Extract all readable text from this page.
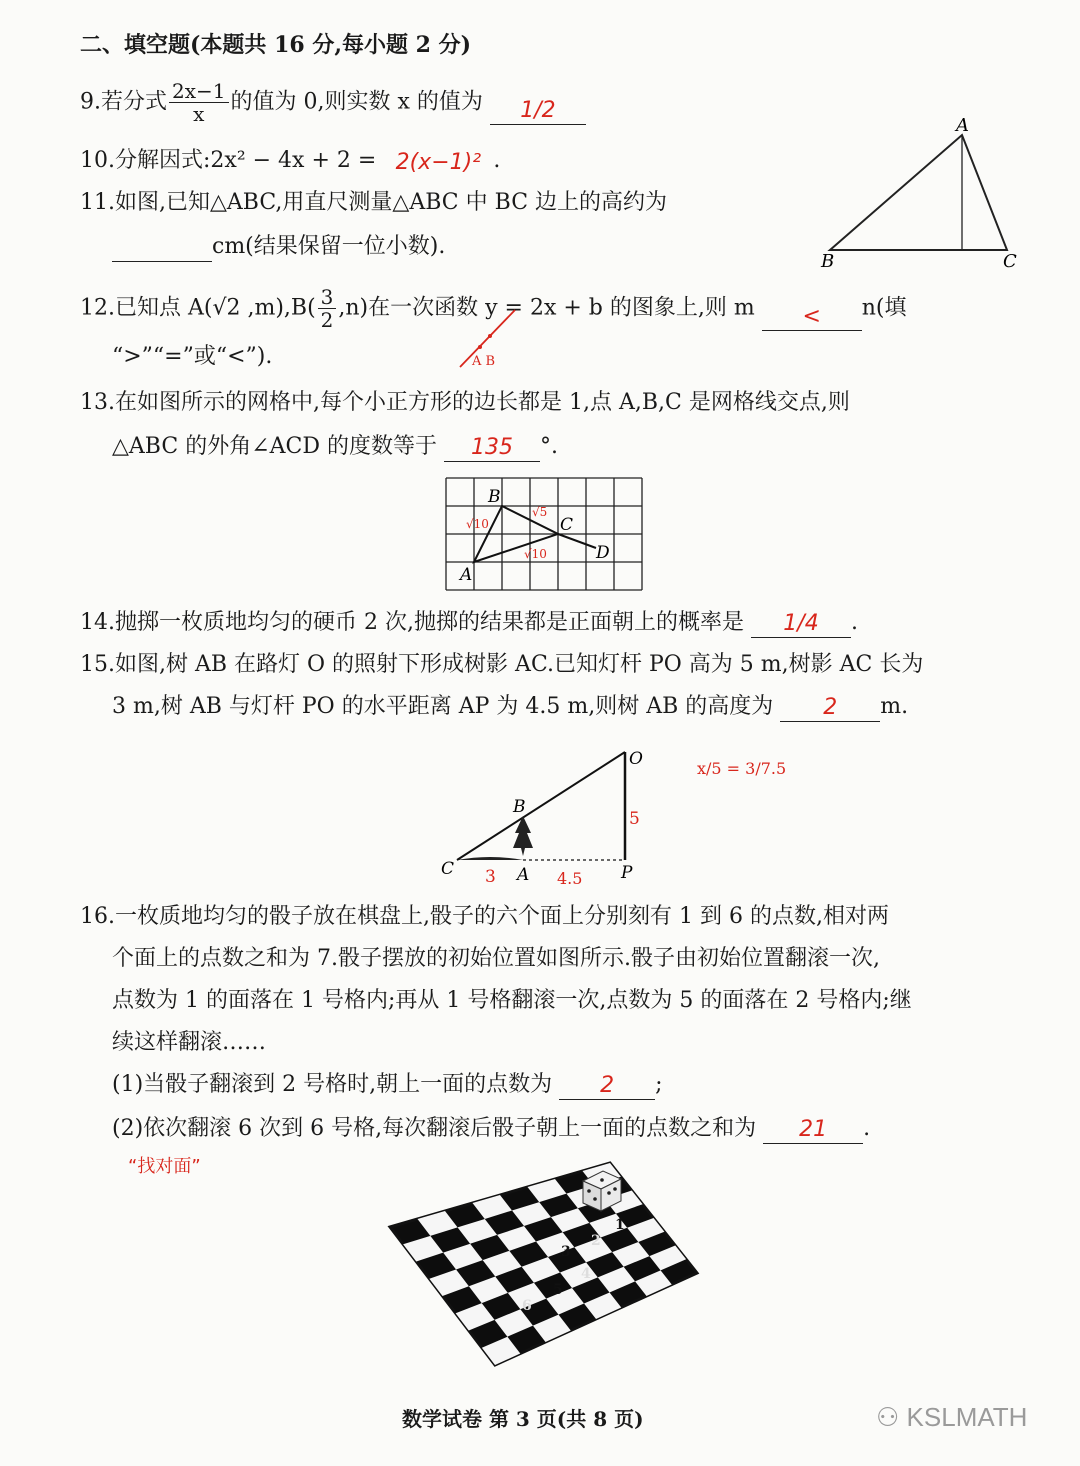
二、填空题(本题共 16 分,每小题 2 分)
9.若分式 $\frac{2x-1}{x}$ 的值为 0,则实数 x 的值为	1/2
10.分解因式:2x² − 4x + 2 = 2(x−1)² .
11.如图,已知△ABC,用直尺测量△ABC 中 BC 边上的高约为
cm(结果保留一位小数).
A
B	C
12.已知点 A(√2 $,m),B( \frac{3}{2} ,n)$在一次函数 y = 2x + b 的图象上,则 m	<	n(填
“>”“=”或“<”).	A B
13.在如图所示的网格中,每个小正方形的边长都是 1,点 A,B,C 是网格线交点,则
△ABC 的外角∠ACD 的度数等于	135	°.
A
B
C
D
√10
√5
√10
14.抛掷一枚质地均匀的硬币 2 次,抛掷的结果都是正面朝上的概率是	1/4	.
15.如图,树 AB 在路灯 O 的照射下形成树影 AC.已知灯杆 PO 高为 5 m,树影 AC 长为
3 m,树 AB 与灯杆 PO 的水平距离 AP 为 4.5 m,则树 AB 的高度为	2	m.
O
B
C	A	P
5
3	4.5
x/5 = 3/7.5
16.一枚质地均匀的骰子放在棋盘上,骰子的六个面上分别刻有 1 到 6 的点数,相对两
个面上的点数之和为 7.骰子摆放的初始位置如图所示.骰子由初始位置翻滚一次,
点数为 1 的面落在 1 号格内;再从 1 号格翻滚一次,点数为 5 的面落在 2 号格内;继
续这样翻滚……
(1)当骰子翻滚到 2 号格时,朝上一面的点数为	2	;
(2)依次翻滚 6 次到 6 号格,每次翻滚后骰子朝上一面的点数之和为	21	.
“找对面”
1
2
3
4
5
6
数学试卷 第 3 页(共 8 页)	⚇ KSLMATH
